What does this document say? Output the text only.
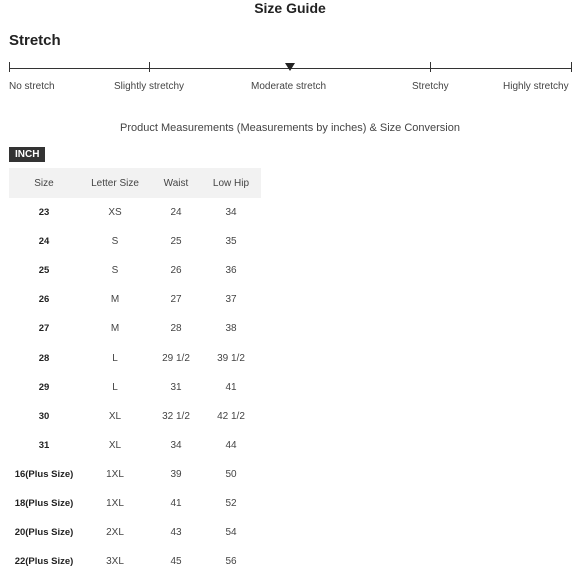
Size Guide
Stretch
No stretch	Slightly stretchy	Moderate stretch	Stretchy	Highly stretchy
Product Measurements (Measurements by inches) & Size Conversion
INCH
Size	Letter Size	Waist	Low Hip
23	XS	24	34
24	S	25	35
25	S	26	36
26	M	27	37
27	M	28	38
28	L	29 1/2	39 1/2
29	L	31	41
30	XL	32 1/2	42 1/2
31	XL	34	44
16(Plus Size)	1XL	39	50
18(Plus Size)	1XL	41	52
20(Plus Size)	2XL	43	54
22(Plus Size)	3XL	45	56
